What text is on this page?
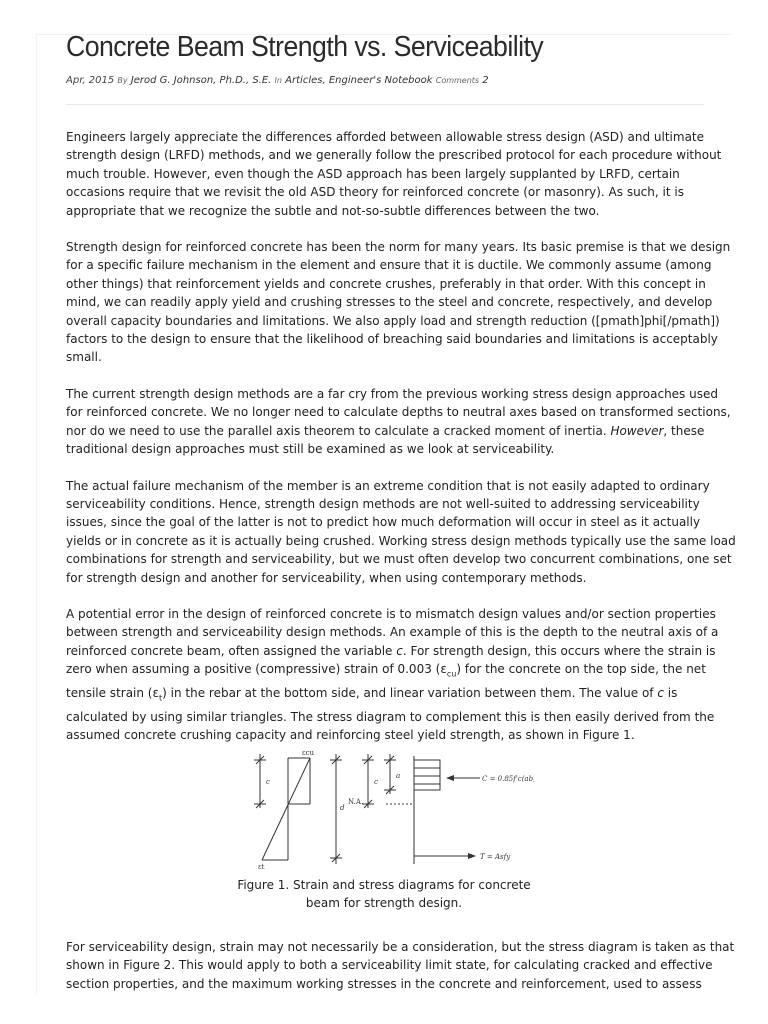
Concrete Beam Strength vs. Serviceability
Apr, 2015 By Jerod G. Johnson, Ph.D., S.E. In Articles, Engineer's Notebook Comments 2

Engineers largely appreciate the differences afforded between allowable stress design (ASD) and ultimate
strength design (LRFD) methods, and we generally follow the prescribed protocol for each procedure without
much trouble. However, even though the ASD approach has been largely supplanted by LRFD, certain
occasions require that we revisit the old ASD theory for reinforced concrete (or masonry). As such, it is
appropriate that we recognize the subtle and not-so-subtle differences between the two.

Strength design for reinforced concrete has been the norm for many years. Its basic premise is that we design
for a specific failure mechanism in the element and ensure that it is ductile. We commonly assume (among
other things) that reinforcement yields and concrete crushes, preferably in that order. With this concept in
mind, we can readily apply yield and crushing stresses to the steel and concrete, respectively, and develop
overall capacity boundaries and limitations. We also apply load and strength reduction ([pmath]phi[/pmath])
factors to the design to ensure that the likelihood of breaching said boundaries and limitations is acceptably
small.

The current strength design methods are a far cry from the previous working stress design approaches used
for reinforced concrete. We no longer need to calculate depths to neutral axes based on transformed sections,
nor do we need to use the parallel axis theorem to calculate a cracked moment of inertia. However, these
traditional design approaches must still be examined as we look at serviceability.

The actual failure mechanism of the member is an extreme condition that is not easily adapted to ordinary
serviceability conditions. Hence, strength design methods are not well-suited to addressing serviceability
issues, since the goal of the latter is not to predict how much deformation will occur in steel as it actually
yields or in concrete as it is actually being crushed. Working stress design methods typically use the same load
combinations for strength and serviceability, but we must often develop two concurrent combinations, one set
for strength design and another for serviceability, when using contemporary methods.

A potential error in the design of reinforced concrete is to mismatch design values and/or section properties
between strength and serviceability design methods. An example of this is the depth to the neutral axis of a
reinforced concrete beam, often assigned the variable c. For strength design, this occurs where the strain is
zero when assuming a positive (compressive) strain of 0.003 $(\varepsilon_{cu})$ for the concrete on the top side, the net
tensile strain $(\varepsilon_t)$ in the rebar at the bottom side, and linear variation between them. The value of c is
calculated by using similar triangles. The stress diagram to complement this is then easily derived from the
assumed concrete crushing capacity and reinforcing steel yield strength, as shown in Figure 1.

εcu
εt
c
d
N.A.
c
a	C = 0.85f'c(ab)
T = Asfy
Figure 1. Strain and stress diagrams for concrete
beam for strength design.
For serviceability design, strain may not necessarily be a consideration, but the stress diagram is taken as that
shown in Figure 2. This would apply to both a serviceability limit state, for calculating cracked and effective
section properties, and the maximum working stresses in the concrete and reinforcement, used to assess
